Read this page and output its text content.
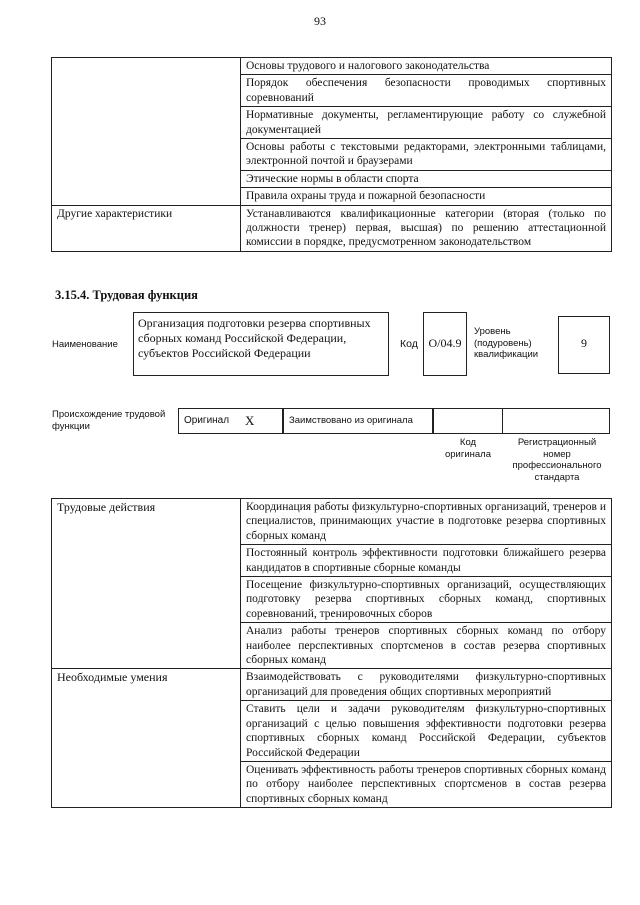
93
	Основы трудового и налогового законодательства
	Порядок обеспечения безопасности проводимых спортивных соревнований
	Нормативные документы, регламентирующие работу со служебной документацией
	Основы работы с текстовыми редакторами, электронными таблицами, электронной почтой и браузерами
	Этические нормы в области спорта
	Правила охраны труда и пожарной безопасности
Другие характеристики	Устанавливаются квалификационные категории (вторая (только по должности тренер) первая, высшая) по решению аттестационной комиссии в порядке, предусмотренном законодательством
3.15.4. Трудовая функция
Наименование
Организация подготовки резерва спортивных сборных команд Российской Федерации, субъектов Российской Федерации
Код О/04.9
Уровень (подуровень) квалификации
9
Происхождение трудовой функции	Оригинал X	Заимствовано из оригинала
Код оригинала
Регистрационный номер профессионального стандарта
Трудовые действия	Координация работы физкультурно-спортивных организаций, тренеров и специалистов, принимающих участие в подготовке резерва спортивных сборных команд
	Постоянный контроль эффективности подготовки ближайшего резерва кандидатов в спортивные сборные команды
	Посещение физкультурно-спортивных организаций, осуществляющих подготовку резерва спортивных сборных команд, спортивных соревнований, тренировочных сборов
	Анализ работы тренеров спортивных сборных команд по отбору наиболее перспективных спортсменов в состав резерва спортивных сборных команд
Необходимые умения	Взаимодействовать с руководителями физкультурно-спортивных организаций для проведения общих спортивных мероприятий
	Ставить цели и задачи руководителям физкультурно-спортивных организаций с целью повышения эффективности подготовки резерва спортивных сборных команд Российской Федерации, субъектов Российской Федерации
	Оценивать эффективность работы тренеров спортивных сборных команд по отбору наиболее перспективных спортсменов в состав резерва спортивных сборных команд
